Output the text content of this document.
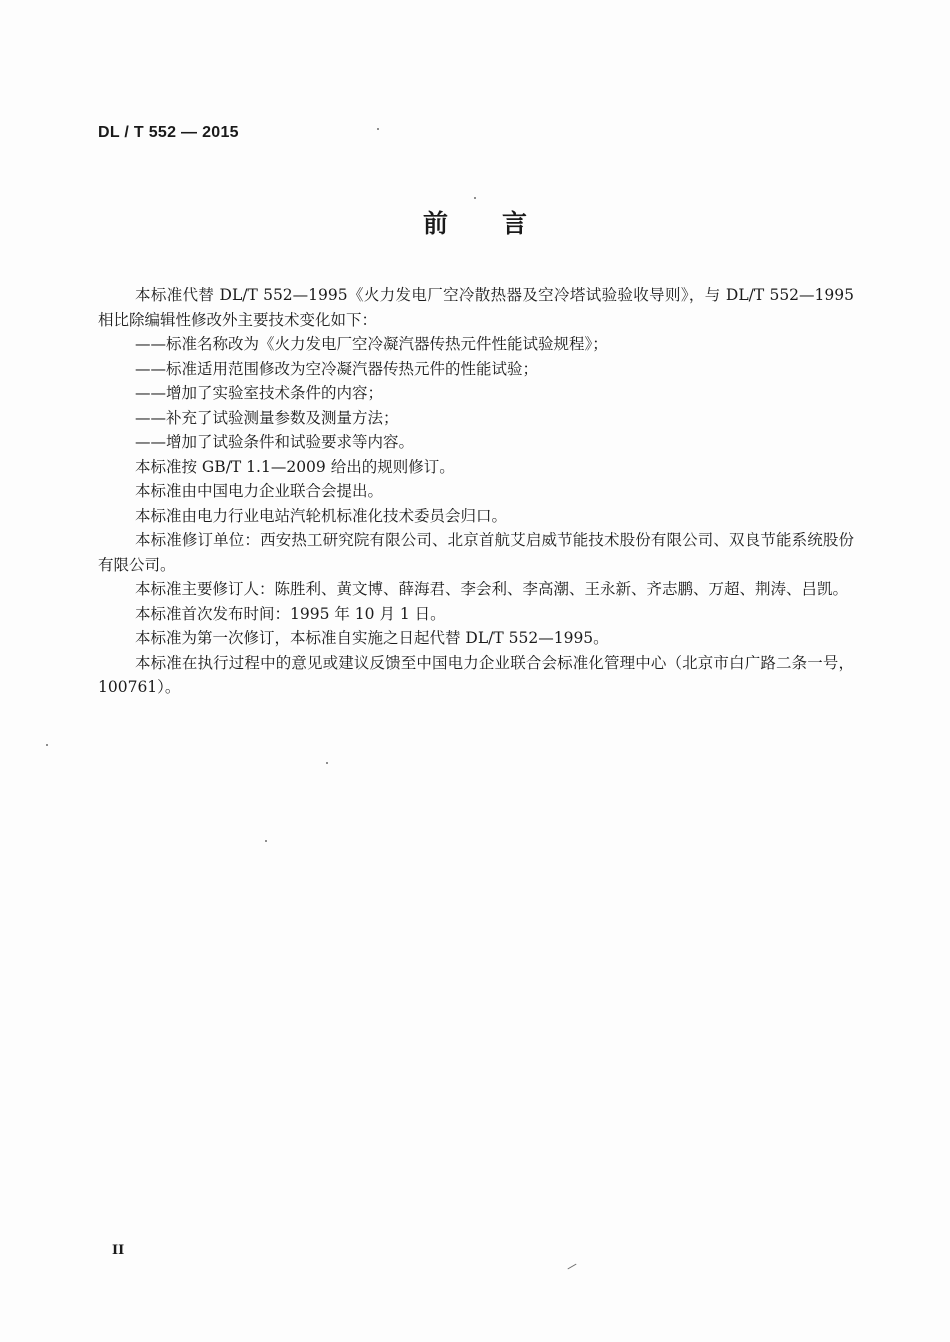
DL / T 552 — 2015
前言

本标准代替 DL/T 552—1995《火力发电厂空冷散热器及空冷塔试验验收导则》，与 DL/T 552—1995 相比除编辑性修改外主要技术变化如下：

——标准名称改为《火力发电厂空冷凝汽器传热元件性能试验规程》；

——标准适用范围修改为空冷凝汽器传热元件的性能试验；

——增加了实验室技术条件的内容；

——补充了试验测量参数及测量方法；

——增加了试验条件和试验要求等内容。

本标准按 GB/T 1.1—2009 给出的规则修订。

本标准由中国电力企业联合会提出。

本标准由电力行业电站汽轮机标准化技术委员会归口。

本标准修订单位：西安热工研究院有限公司、北京首航艾启威节能技术股份有限公司、双良节能系统股份有限公司。

本标准主要修订人：陈胜利、黄文博、薛海君、李会利、李高潮、王永新、齐志鹏、万超、荆涛、吕凯。

本标准首次发布时间：1995 年 10 月 1 日。

本标准为第一次修订，本标准自实施之日起代替 DL/T 552—1995。

本标准在执行过程中的意见或建议反馈至中国电力企业联合会标准化管理中心（北京市白广路二条一号，100761）。

II
